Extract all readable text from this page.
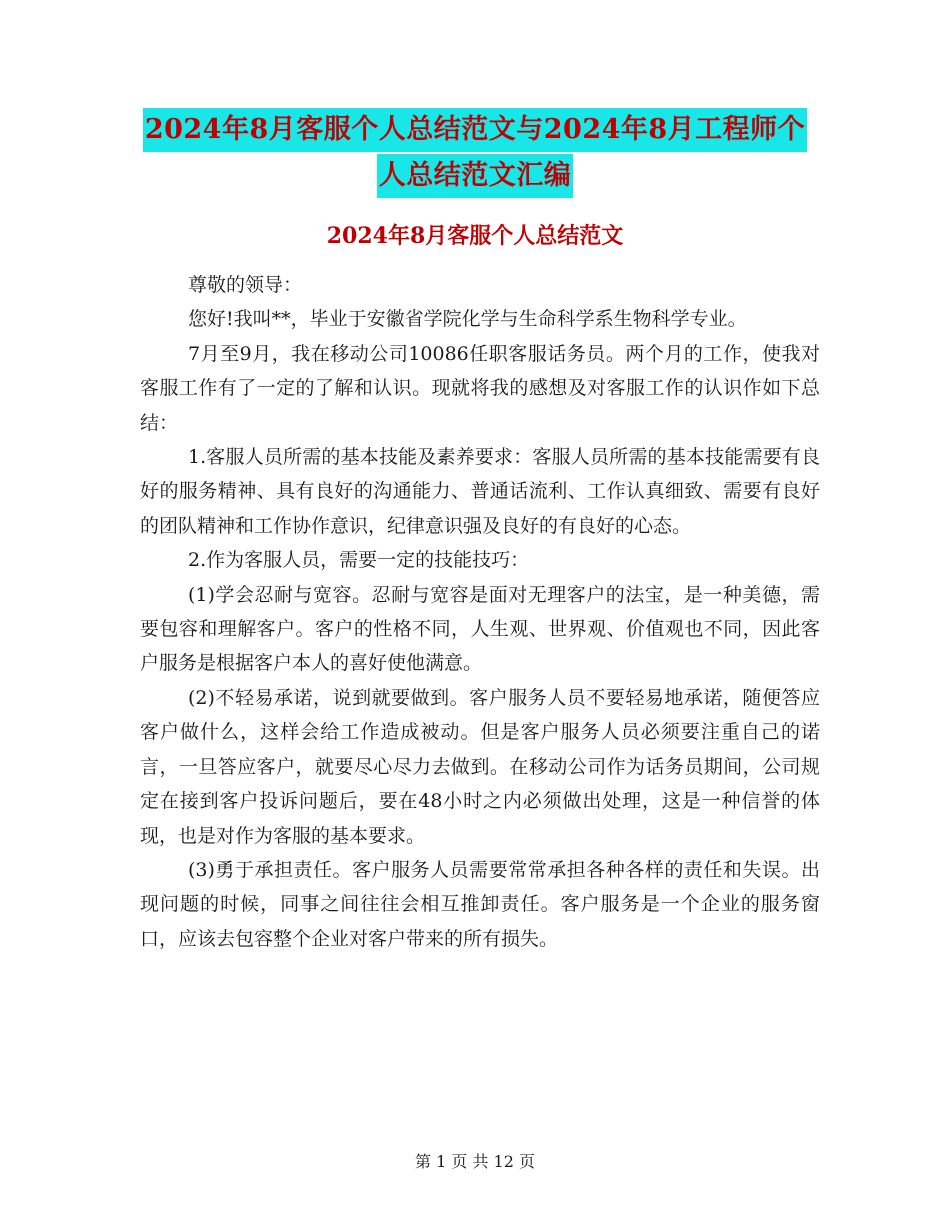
2024年8月客服个人总结范文与2024年8月工程师个
人总结范文汇编
2024年8月客服个人总结范文

尊敬的领导：

您好!我叫**，毕业于安徽省学院化学与生命科学系生物科学专业。

7月至9月，我在移动公司10086任职客服话务员。两个月的工作，使我对客服工作有了一定的了解和认识。现就将我的感想及对客服工作的认识作如下总结：

1.客服人员所需的基本技能及素养要求：客服人员所需的基本技能需要有良好的服务精神、具有良好的沟通能力、普通话流利、工作认真细致、需要有良好的团队精神和工作协作意识，纪律意识强及良好的有良好的心态。

2.作为客服人员，需要一定的技能技巧：

(1)学会忍耐与宽容。忍耐与宽容是面对无理客户的法宝，是一种美德，需要包容和理解客户。客户的性格不同，人生观、世界观、价值观也不同，因此客户服务是根据客户本人的喜好使他满意。

(2)不轻易承诺，说到就要做到。客户服务人员不要轻易地承诺，随便答应客户做什么，这样会给工作造成被动。但是客户服务人员必须要注重自己的诺言，一旦答应客户，就要尽心尽力去做到。在移动公司作为话务员期间，公司规定在接到客户投诉问题后，要在48小时之内必须做出处理，这是一种信誉的体现，也是对作为客服的基本要求。

(3)勇于承担责任。客户服务人员需要常常承担各种各样的责任和失误。出现问题的时候，同事之间往往会相互推卸责任。客户服务是一个企业的服务窗口，应该去包容整个企业对客户带来的所有损失。

第 1 页 共 12 页
